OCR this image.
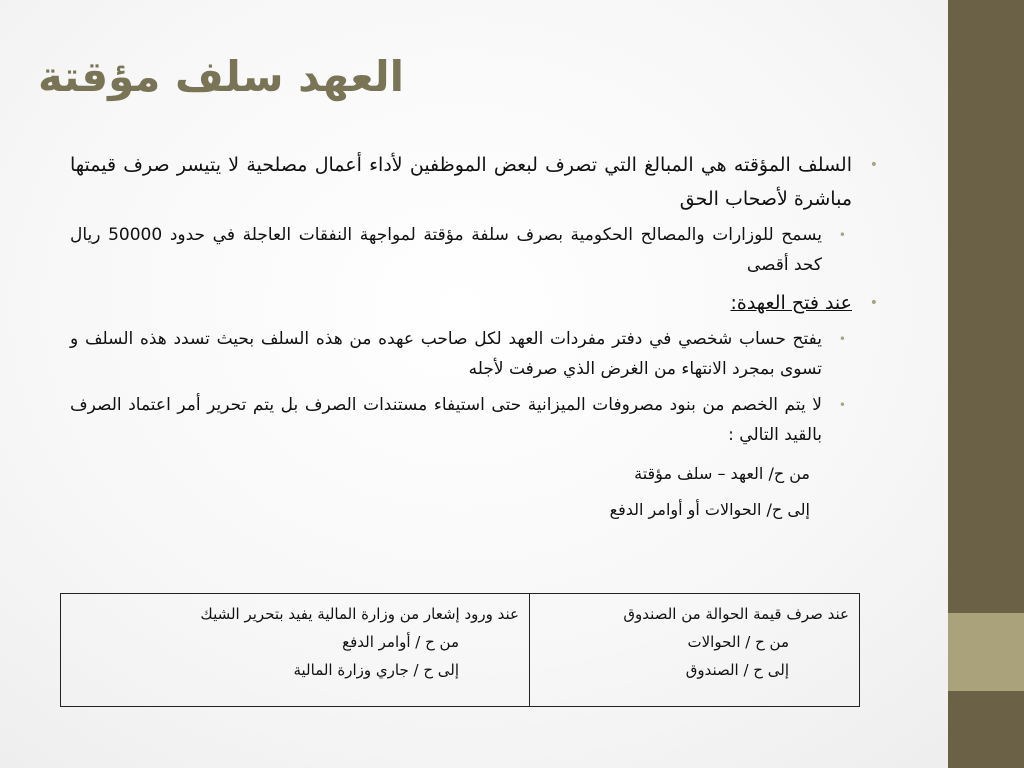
العهد سلف مؤقتة

•
السلف المؤقته هي المبالغ التي تصرف لبعض الموظفين لأداء أعمال مصلحية لا يتيسر صرف قيمتها مباشرة لأصحاب الحق

•
يسمح للوزارات والمصالح الحكومية بصرف سلفة مؤقتة لمواجهة النفقات العاجلة في حدود 50000 ريال كحد أقصى

•
عند فتح العهدة:

•
يفتح حساب شخصي في دفتر مفردات العهد لكل صاحب عهده من هذه السلف بحيث تسدد هذه السلف و تسوى بمجرد الانتهاء من الغرض الذي صرفت لأجله

•
لا يتم الخصم من بنود مصروفات الميزانية حتى استيفاء مستندات الصرف بل يتم تحرير أمر اعتماد الصرف بالقيد التالي :

من ح/ العهد – سلف مؤقتة

إلى ح/ الحوالات أو أوامر الدفع

عند صرف قيمة الحوالة من الصندوق
من ح / الحوالات
إلى ح / الصندوق

عند ورود إشعار من وزارة المالية يفيد بتحرير الشيك
من ح / أوامر الدفع
إلى ح / جاري وزارة المالية
